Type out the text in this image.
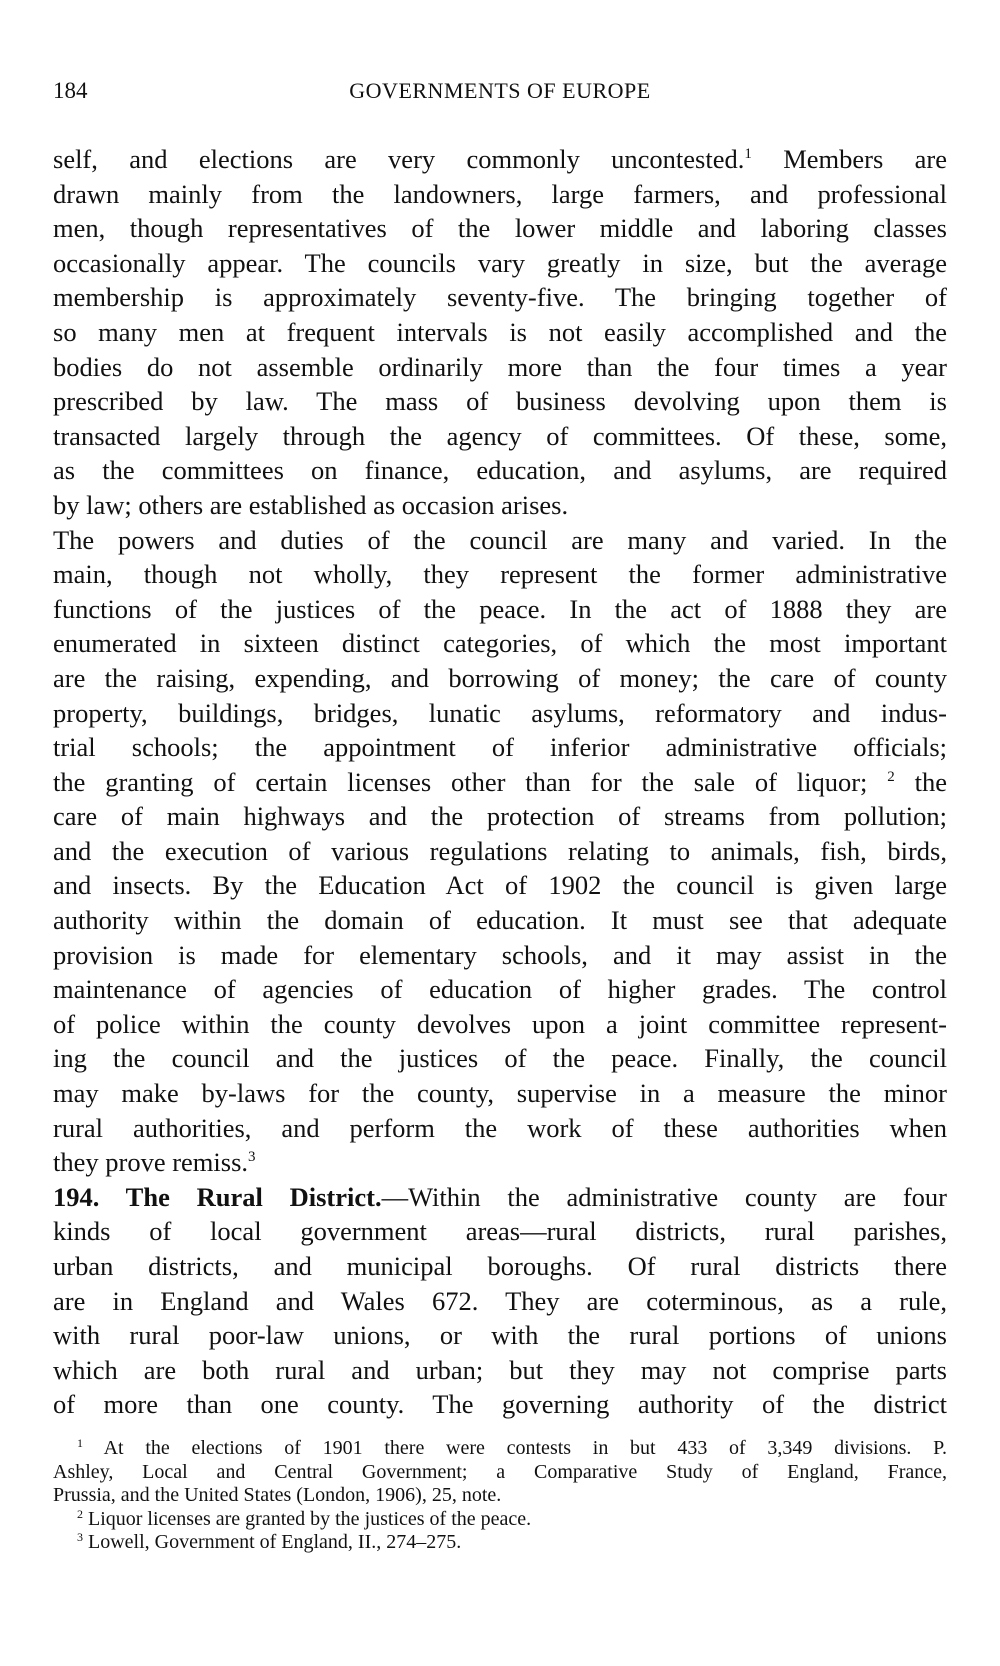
184	GOVERNMENTS OF EUROPE
self, and elections are very commonly uncontested.$^1$ Members are
drawn mainly from the landowners, large farmers, and professional
men, though representatives of the lower middle and laboring classes
occasionally appear. The councils vary greatly in size, but the average
membership is approximately seventy-five. The bringing together of
so many men at frequent intervals is not easily accomplished and the
bodies do not assemble ordinarily more than the four times a year
prescribed by law. The mass of business devolving upon them is
transacted largely through the agency of committees. Of these, some,
as the committees on finance, education, and asylums, are required
by law; others are established as occasion arises.
The powers and duties of the council are many and varied. In the
main, though not wholly, they represent the former administrative
functions of the justices of the peace. In the act of 1888 they are
enumerated in sixteen distinct categories, of which the most important
are the raising, expending, and borrowing of money; the care of county
property, buildings, bridges, lunatic asylums, reformatory and indus-
trial schools; the appointment of inferior administrative officials;
the granting of certain licenses other than for the sale of liquor; $^2$ the
care of main highways and the protection of streams from pollution;
and the execution of various regulations relating to animals, fish, birds,
and insects. By the Education Act of 1902 the council is given large
authority within the domain of education. It must see that adequate
provision is made for elementary schools, and it may assist in the
maintenance of agencies of education of higher grades. The control
of police within the county devolves upon a joint committee represent-
ing the council and the justices of the peace. Finally, the council
may make by-laws for the county, supervise in a measure the minor
rural authorities, and perform the work of these authorities when
they prove remiss.$^3$
194. The Rural District.—Within the administrative county are four
kinds of local government areas—rural districts, rural parishes,
urban districts, and municipal boroughs. Of rural districts there
are in England and Wales 672. They are coterminous, as a rule,
with rural poor-law unions, or with the rural portions of unions
which are both rural and urban; but they may not comprise parts
of more than one county. The governing authority of the district
$^1$ At the elections of 1901 there were contests in but 433 of 3,349 divisions. P.
Ashley, Local and Central Government; a Comparative Study of England, France,
Prussia, and the United States (London, 1906), 25, note.
$^2$ Liquor licenses are granted by the justices of the peace.
$^3$ Lowell, Government of England, II., 274–275.
